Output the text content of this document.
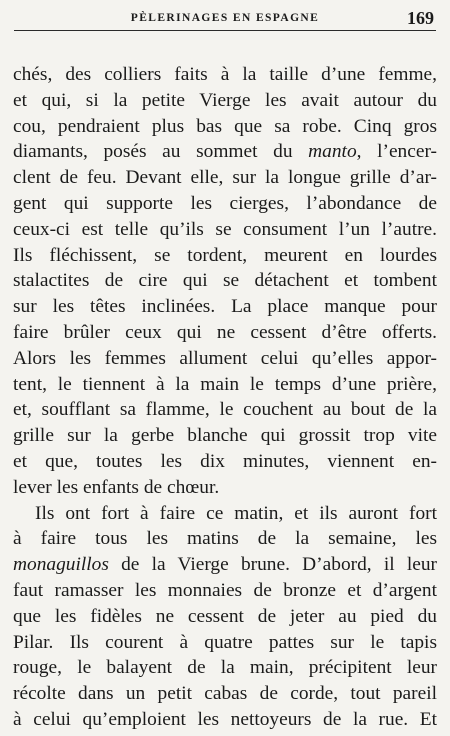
PÈLERINAGES EN ESPAGNE	169
chés, des colliers faits à la taille d’une femme,
et qui, si la petite Vierge les avait autour du
cou, pendraient plus bas que sa robe. Cinq gros
diamants, posés au sommet du manto, l’encer-
clent de feu. Devant elle, sur la longue grille d’ar-
gent qui supporte les cierges, l’abondance de
ceux-ci est telle qu’ils se consument l’un l’autre.
Ils fléchissent, se tordent, meurent en lourdes
stalactites de cire qui se détachent et tombent
sur les têtes inclinées. La place manque pour
faire brûler ceux qui ne cessent d’être offerts.
Alors les femmes allument celui qu’elles appor-
tent, le tiennent à la main le temps d’une prière,
et, soufflant sa flamme, le couchent au bout de la
grille sur la gerbe blanche qui grossit trop vite
et que, toutes les dix minutes, viennent en-
lever les enfants de chœur.
Ils ont fort à faire ce matin, et ils auront fort
à faire tous les matins de la semaine, les
monaguillos de la Vierge brune. D’abord, il leur
faut ramasser les monnaies de bronze et d’argent
que les fidèles ne cessent de jeter au pied du
Pilar. Ils courent à quatre pattes sur le tapis
rouge, le balayent de la main, précipitent leur
récolte dans un petit cabas de corde, tout pareil
à celui qu’emploient les nettoyeurs de la rue. Et
